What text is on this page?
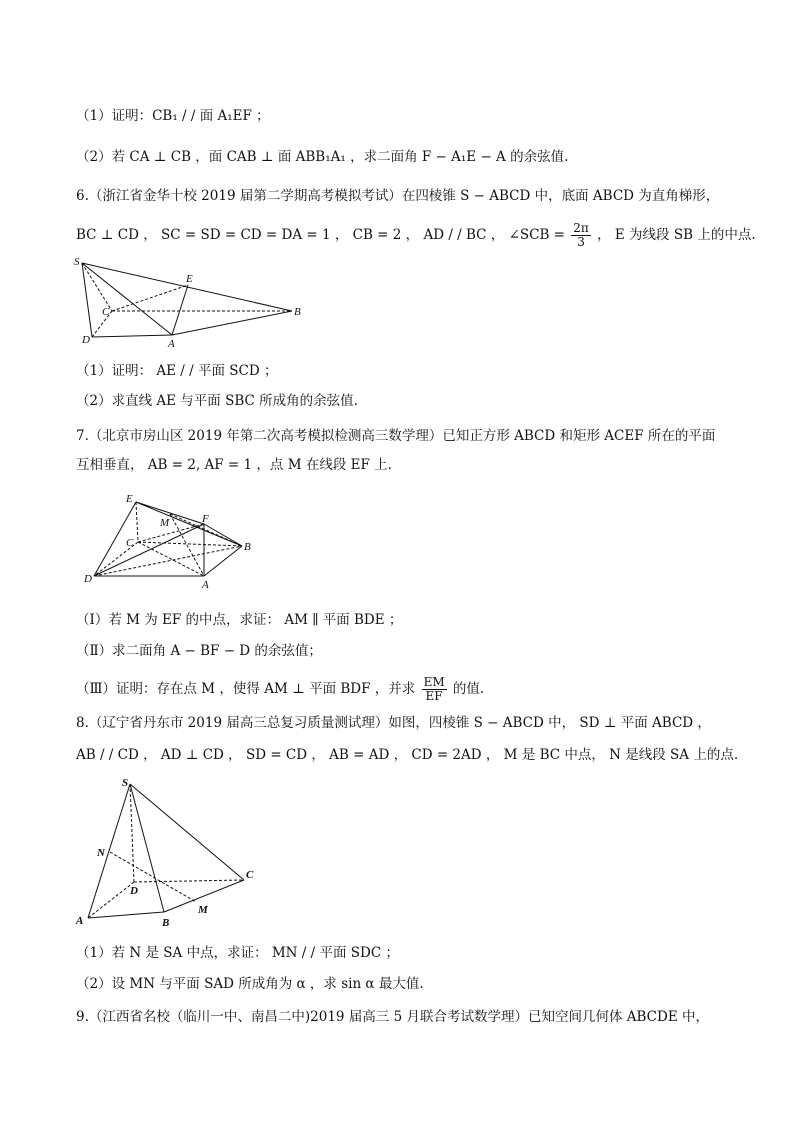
（1）证明：CB₁ / / 面 A₁EF ；
（2）若 CA ⊥ CB ，面 CAB ⊥ 面 ABB₁A₁ ，求二面角 F − A₁E − A 的余弦值.
6.（浙江省金华十校 2019 届第二学期高考模拟考试）在四棱锥 S − ABCD 中，底面 ABCD 为直角梯形，
BC ⊥ CD ， SC = SD = CD = DA = 1 ， CB = 2 ， AD / / BC ， ∠SCB = $\frac{2\pi}{3}$ ， E 为线段 SB 上的中点.
S
E
B
C
D	A
（1）证明： AE / / 平面 SCD ；
（2）求直线 AE 与平面 SBC 所成角的余弦值.
7.（北京市房山区 2019 年第二次高考模拟检测高三数学理）已知正方形 ABCD 和矩形 ACEF 所在的平面
互相垂直， AB = 2, AF = 1 ，点 M 在线段 EF 上.
E
M	F
C	B
D	A
（Ⅰ）若 M 为 EF 的中点，求证： AM ∥ 平面 BDE ；
（Ⅱ）求二面角 A − BF − D 的余弦值；
（Ⅲ）证明：存在点 M ，使得 AM ⊥ 平面 BDF ，并求 $\frac{EM}{EF}$ 的值.
8.（辽宁省丹东市 2019 届高三总复习质量测试理）如图，四棱锥 S − ABCD 中， SD ⊥ 平面 ABCD ，
AB / / CD ， AD ⊥ CD ， SD = CD ， AB = AD ， CD = 2AD ， M 是 BC 中点， N 是线段 SA 上的点.
S
N
C
D
A	B
M
（1）若 N 是 SA 中点，求证： MN / / 平面 SDC ；
（2）设 MN 与平面 SAD 所成角为 α ，求 sin α 最大值.
9.（江西省名校（临川一中、南昌二中)2019 届高三 5 月联合考试数学理）已知空间几何体 ABCDE 中，
